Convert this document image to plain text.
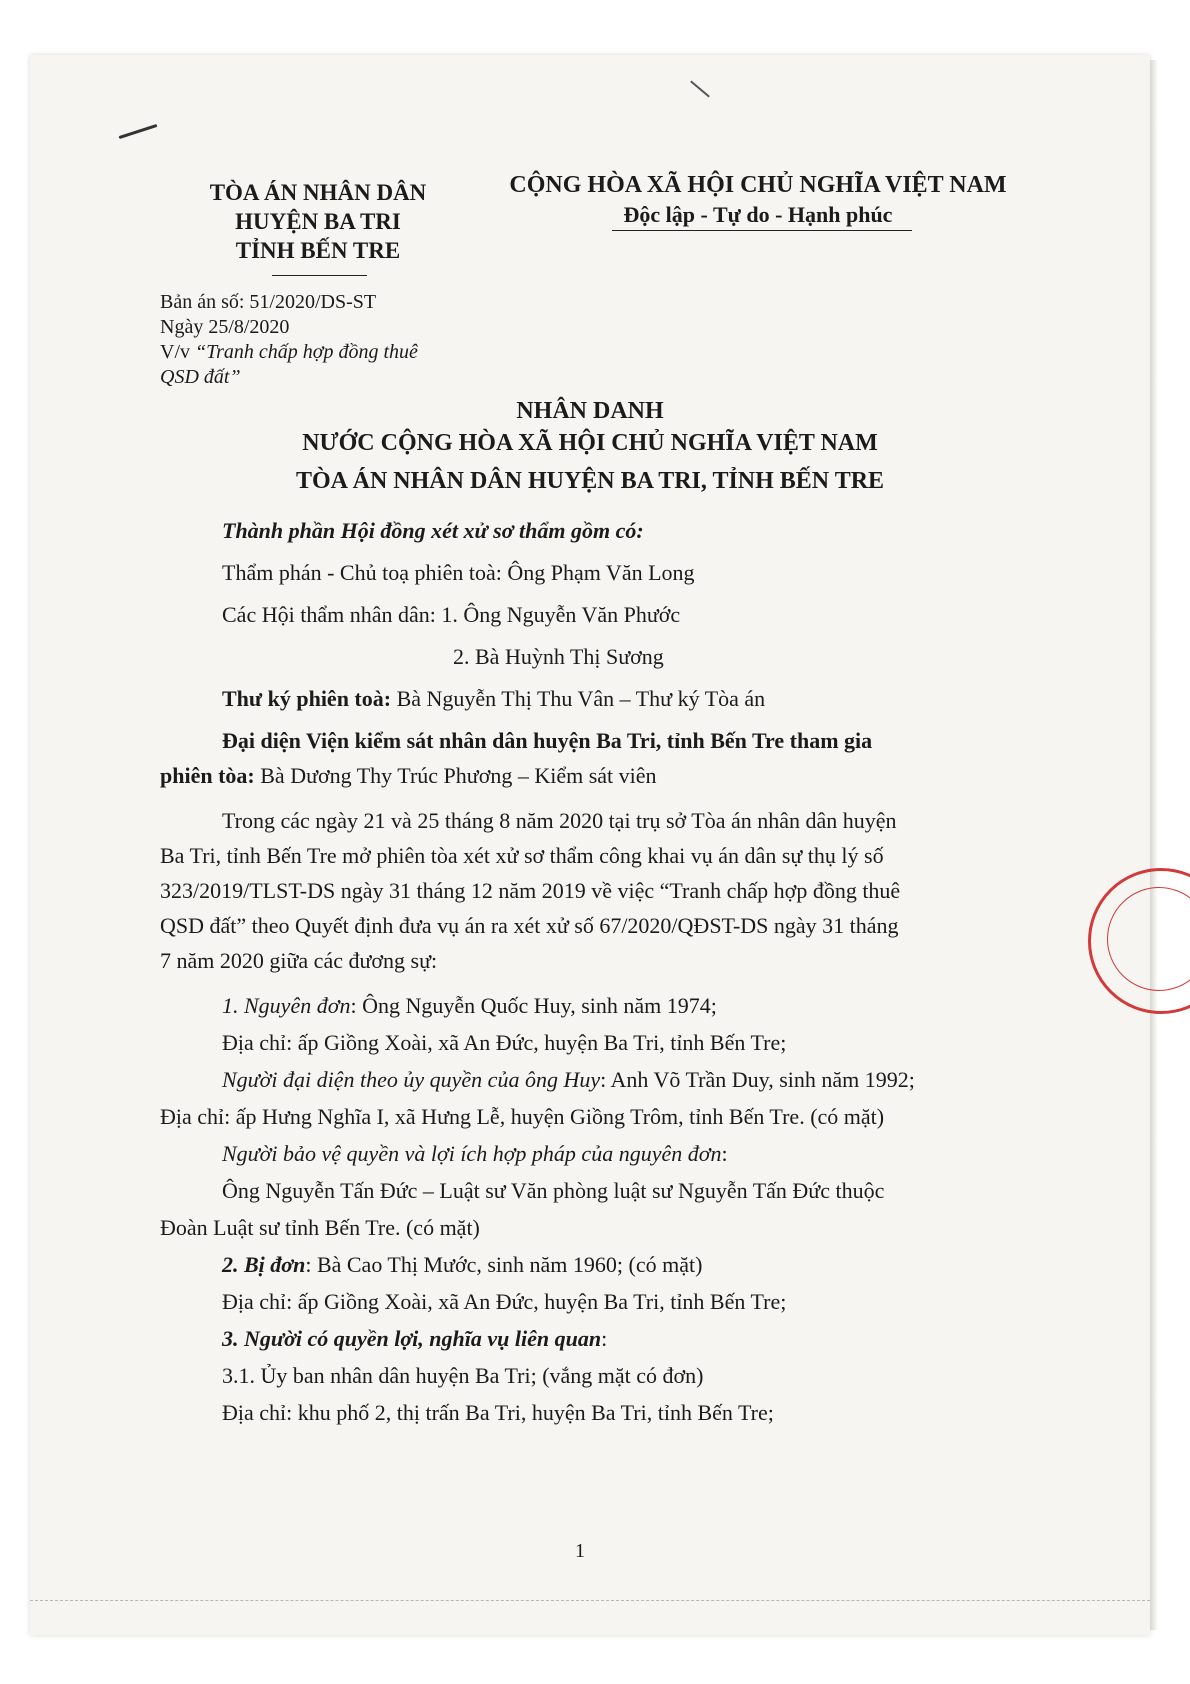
TÒA ÁN NHÂN DÂN
HUYỆN BA TRI
TỈNH BẾN TRE
CỘNG HÒA XÃ HỘI CHỦ NGHĨA VIỆT NAM
Độc lập - Tự do - Hạnh phúc
Bản án số: 51/2020/DS-ST
Ngày 25/8/2020
V/v “Tranh chấp hợp đồng thuê
QSD đất”
NHÂN DANH
NƯỚC CỘNG HÒA XÃ HỘI CHỦ NGHĨA VIỆT NAM
TÒA ÁN NHÂN DÂN HUYỆN BA TRI, TỈNH BẾN TRE
Thành phần Hội đồng xét xử sơ thẩm gồm có:
Thẩm phán - Chủ toạ phiên toà: Ông Phạm Văn Long
Các Hội thẩm nhân dân: 1. Ông Nguyễn Văn Phước
2. Bà Huỳnh Thị Sương
Thư ký phiên toà: Bà Nguyễn Thị Thu Vân – Thư ký Tòa án
Đại diện Viện kiểm sát nhân dân huyện Ba Tri, tỉnh Bến Tre tham gia
phiên tòa: Bà Dương Thy Trúc Phương – Kiểm sát viên
Trong các ngày 21 và 25 tháng 8 năm 2020 tại trụ sở Tòa án nhân dân huyện
Ba Tri, tỉnh Bến Tre mở phiên tòa xét xử sơ thẩm công khai vụ án dân sự thụ lý số
323/2019/TLST-DS ngày 31 tháng 12 năm 2019 về việc “Tranh chấp hợp đồng thuê
QSD đất” theo Quyết định đưa vụ án ra xét xử số 67/2020/QĐST-DS ngày 31 tháng
7 năm 2020 giữa các đương sự:
1. Nguyên đơn: Ông Nguyễn Quốc Huy, sinh năm 1974;
Địa chỉ: ấp Giồng Xoài, xã An Đức, huyện Ba Tri, tỉnh Bến Tre;
Người đại diện theo ủy quyền của ông Huy: Anh Võ Trần Duy, sinh năm 1992;
Địa chỉ: ấp Hưng Nghĩa I, xã Hưng Lễ, huyện Giồng Trôm, tỉnh Bến Tre. (có mặt)
Người bảo vệ quyền và lợi ích hợp pháp của nguyên đơn:
Ông Nguyễn Tấn Đức – Luật sư Văn phòng luật sư Nguyễn Tấn Đức thuộc
Đoàn Luật sư tỉnh Bến Tre. (có mặt)
2. Bị đơn: Bà Cao Thị Mước, sinh năm 1960; (có mặt)
Địa chỉ: ấp Giồng Xoài, xã An Đức, huyện Ba Tri, tỉnh Bến Tre;
3. Người có quyền lợi, nghĩa vụ liên quan:
3.1. Ủy ban nhân dân huyện Ba Tri; (vắng mặt có đơn)
Địa chỉ: khu phố 2, thị trấn Ba Tri, huyện Ba Tri, tỉnh Bến Tre;
1
